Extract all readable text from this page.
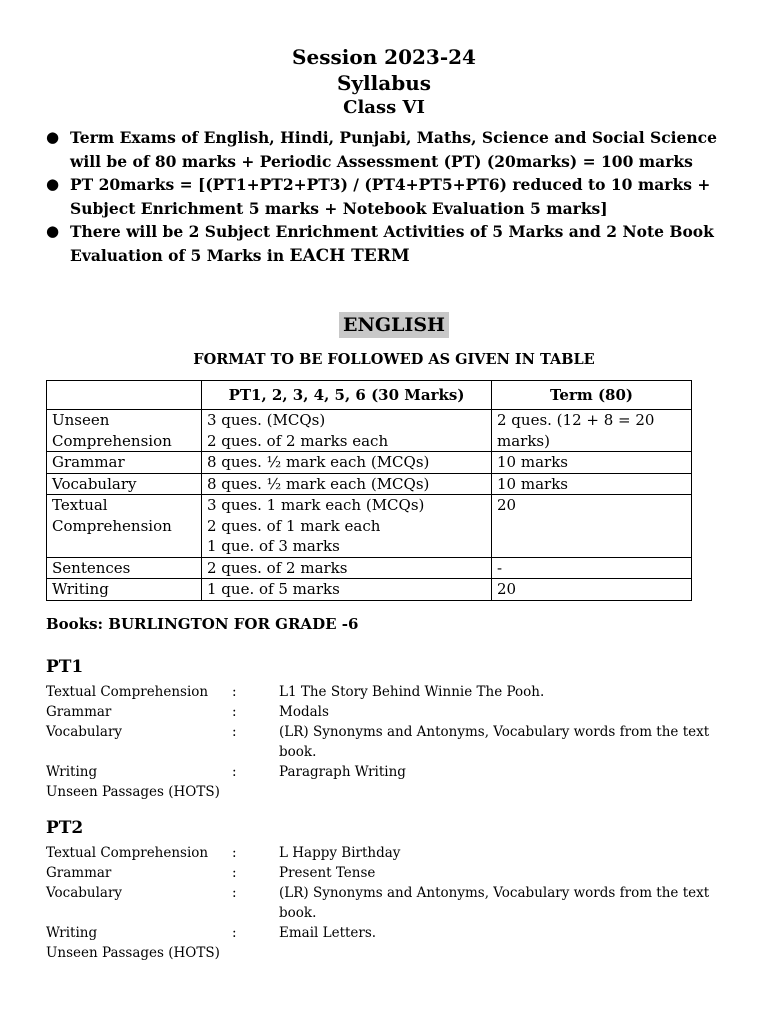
Session 2023-24
Syllabus
Class VI
● Term Exams of English, Hindi, Punjabi, Maths, Science and Social Science will be of 80 marks + Periodic Assessment (PT) (20marks) = 100 marks
● PT 20marks = [(PT1+PT2+PT3) / (PT4+PT5+PT6) reduced to 10 marks + Subject Enrichment 5 marks + Notebook Evaluation 5 marks]
● There will be 2 Subject Enrichment Activities of 5 Marks and 2 Note Book Evaluation of 5 Marks in EACH TERM
ENGLISH
FORMAT TO BE FOLLOWED AS GIVEN IN TABLE
	PT1, 2, 3, 4, 5, 6 (30 Marks)	Term (80)

Unseen
Comprehension	3 ques. (MCQs)
2 ques. of 2 marks each	2 ques. (12 + 8 = 20
marks)

Grammar	8 ques. ½ mark each (MCQs)	10 marks

Vocabulary	8 ques. ½ mark each (MCQs)	10 marks

Textual
Comprehension	3 ques. 1 mark each (MCQs)
2 ques. of 1 mark each
1 que. of 3 marks	20

Sentences	2 ques. of 2 marks	-

Writing	1 que. of 5 marks	20
Books: BURLINGTON FOR GRADE -6
PT1
Textual Comprehension :	L1 The Story Behind Winnie The Pooh.
Grammar	:	Modals
Vocabulary	:	(LR) Synonyms and Antonyms, Vocabulary words from the text book.
Writing	:	Paragraph Writing
Unseen Passages (HOTS)
PT2
Textual Comprehension :	L Happy Birthday
Grammar	:	Present Tense
Vocabulary	:	(LR) Synonyms and Antonyms, Vocabulary words from the text book.
Writing	:	Email Letters.
Unseen Passages (HOTS)
